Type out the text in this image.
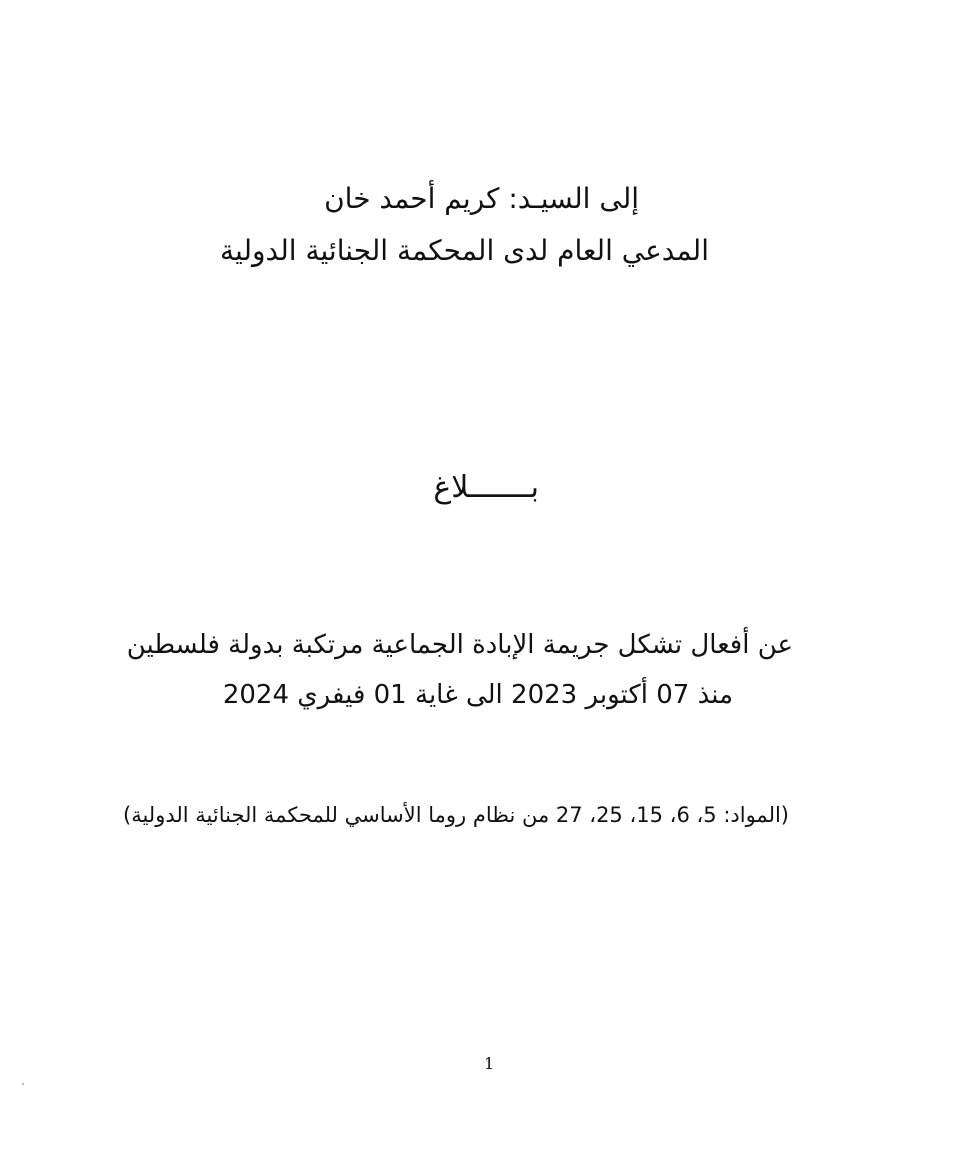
إلى السيـد: كريم أحمد خان
المدعي العام لدى المحكمة الجنائية الدولية
بـــــــلاغ
عن أفعال تشكل جريمة الإبادة الجماعية مرتكبة بدولة فلسطين
منذ 07 أكتوبر 2023 الى غاية 01 فيفري 2024
(المواد: 5، 6، 15، 25، 27 من نظام روما الأساسي للمحكمة الجنائية الدولية)
1
